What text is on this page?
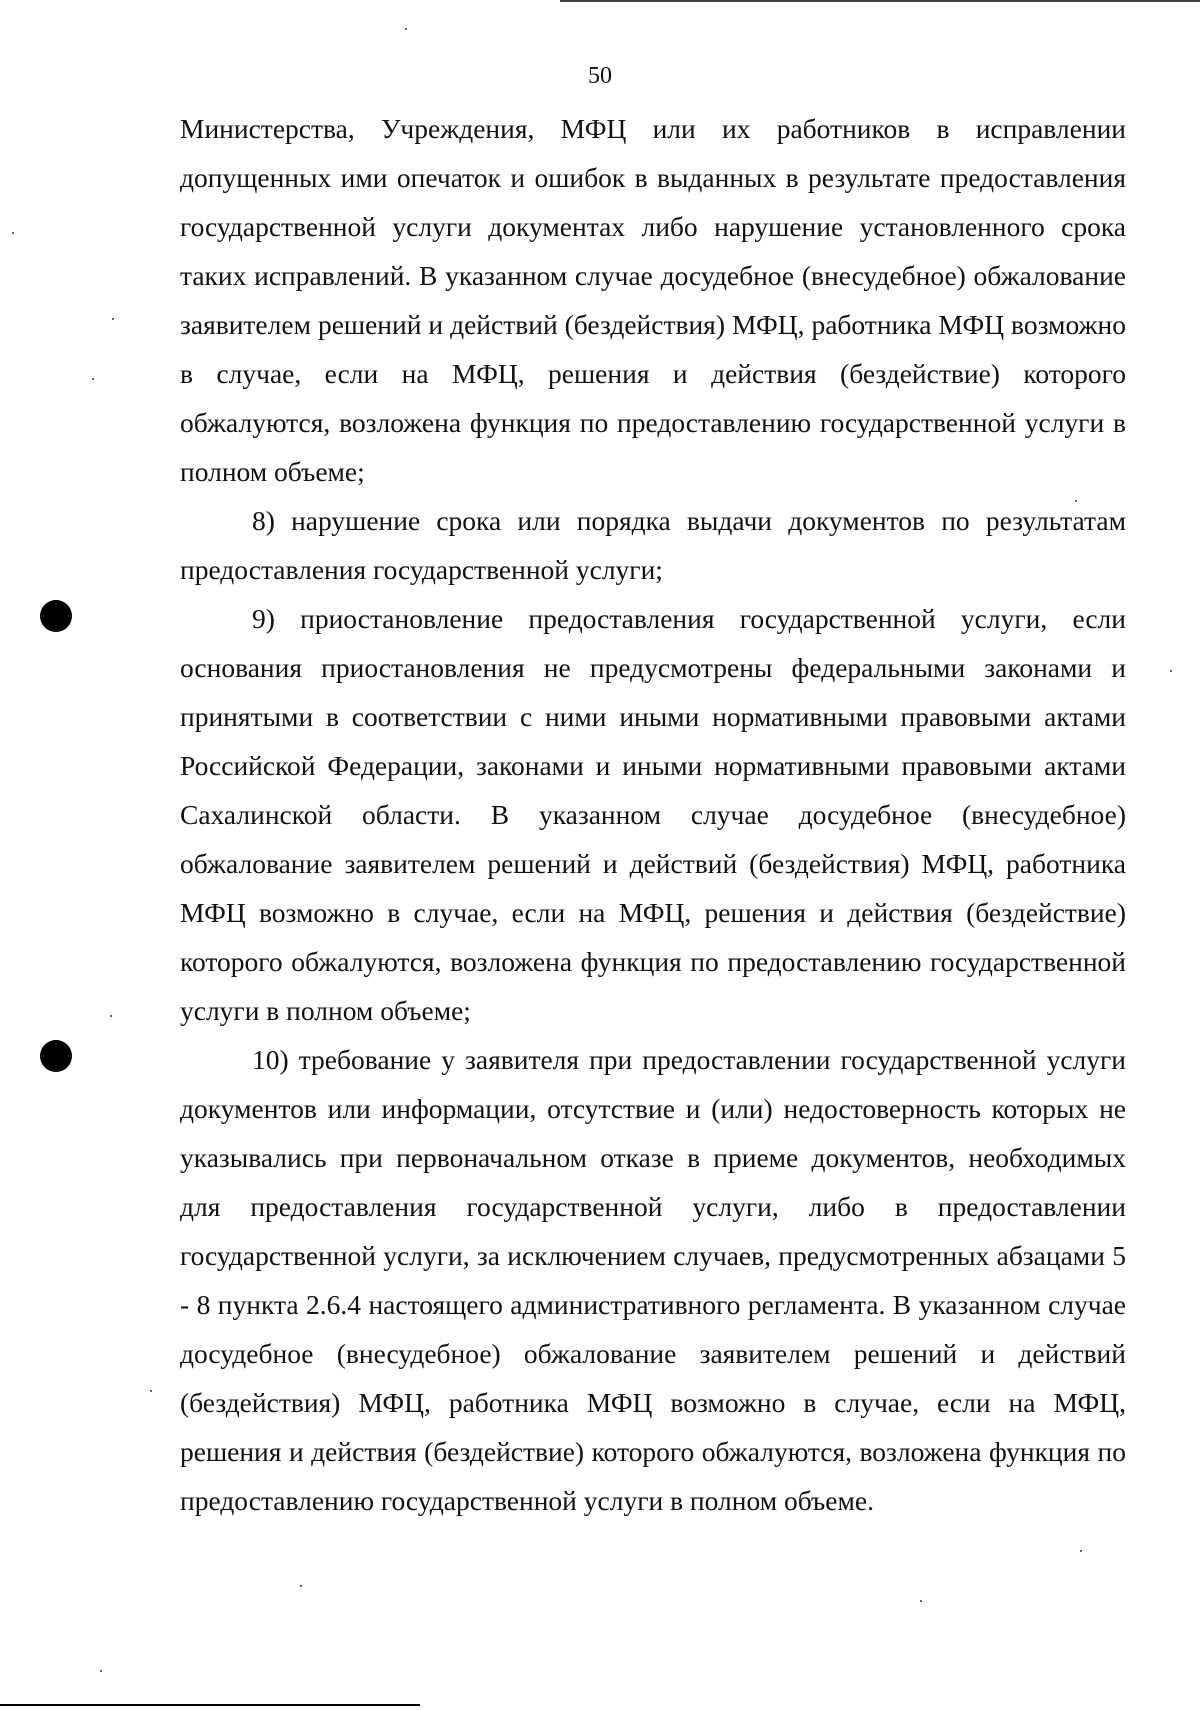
50

Министерства, Учреждения, МФЦ или их работников в исправлении допущенных ими опечаток и ошибок в выданных в результате предоставления государственной услуги документах либо нарушение установленного срока таких исправлений. В указанном случае досудебное (внесудебное) обжалование заявителем решений и действий (бездействия) МФЦ, работника МФЦ возможно в случае, если на МФЦ, решения и действия (бездействие) которого обжалуются, возложена функция по предоставлению государственной услуги в полном объеме;

8) нарушение срока или порядка выдачи документов по результатам предоставления государственной услуги;

9) приостановление предоставления государственной услуги, если основания приостановления не предусмотрены федеральными законами и принятыми в соответствии с ними иными нормативными правовыми актами Российской Федерации, законами и иными нормативными правовыми актами Сахалинской области. В указанном случае досудебное (внесудебное) обжалование заявителем решений и действий (бездействия) МФЦ, работника МФЦ возможно в случае, если на МФЦ, решения и действия (бездействие) которого обжалуются, возложена функция по предоставлению государственной услуги в полном объеме;

10) требование у заявителя при предоставлении государственной услуги документов или информации, отсутствие и (или) недостоверность которых не указывались при первоначальном отказе в приеме документов, необходимых для предоставления государственной услуги, либо в предоставлении государственной услуги, за исключением случаев, предусмотренных абзацами 5 - 8 пункта 2.6.4 настоящего административного регламента. В указанном случае досудебное (внесудебное) обжалование заявителем решений и действий (бездействия) МФЦ, работника МФЦ возможно в случае, если на МФЦ, решения и действия (бездействие) которого обжалуются, возложена функция по предоставлению государственной услуги в полном объеме.
